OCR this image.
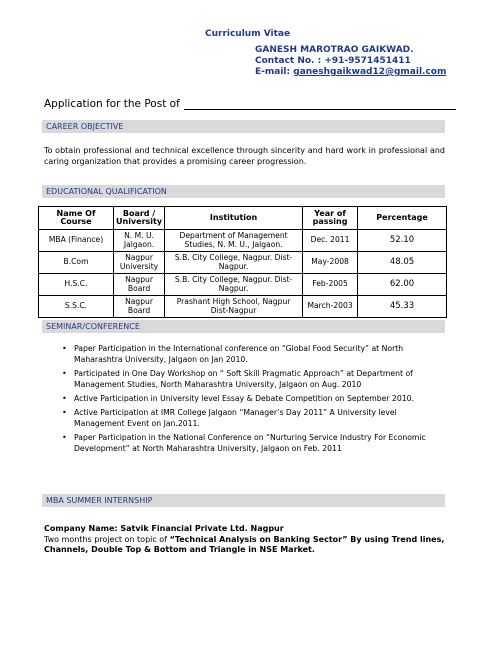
Curriculum Vitae
GANESH MAROTRAO GAIKWAD.
Contact No. : +91-9571451411
E-mail: ganeshgaikwad12@gmail.com
Application for the Post of
CAREER OBJECTIVE
To obtain professional and technical excellence through sincerity and hard work in professional and caring organization that provides a promising career progression.
EDUCATIONAL QUALIFICATION
Name Of Course	Board / University	Institution	Year of passing	Percentage
MBA (Finance)	N. M. U. Jalgaon.	Department of Management Studies, N. M. U., Jalgaon.	Dec. 2011	52.10
B.Com	Nagpur University	S.B. City College, Nagpur. Dist-Nagpur.	May-2008	48.05
H.S.C.	Nagpur Board	S.B. City College, Nagpur. Dist-Nagpur.	Feb-2005	62.00
S.S.C.	Nagpur Board	Prashant High School, Nagpur Dist-Nagpur	March-2003	45.33
SEMINAR/CONFERENCE
• Paper Participation in the International conference on “Global Food Security” at North Maharashtra University, Jalgaon on Jan 2010.
• Participated in One Day Workshop on “ Soft Skill Pragmatic Approach” at Department of Management Studies, North Maharashtra University, Jalgaon on Aug. 2010
• Active Participation in University level Essay & Debate Competition on September 2010.
• Active Participation at IMR College Jalgaon “Manager’s Day 2011” A University level Management Event on Jan.2011.
• Paper Participation in the National Conference on “Nurturing Service Industry For Economic Development” at North Maharashtra University, Jalgaon on Feb. 2011
MBA SUMMER INTERNSHIP
Company Name: Satvik Financial Private Ltd. Nagpur
Two months project on topic of “Technical Analysis on Banking Sector” By using Trend lines, Channels, Double Top & Bottom and Triangle in NSE Market.
